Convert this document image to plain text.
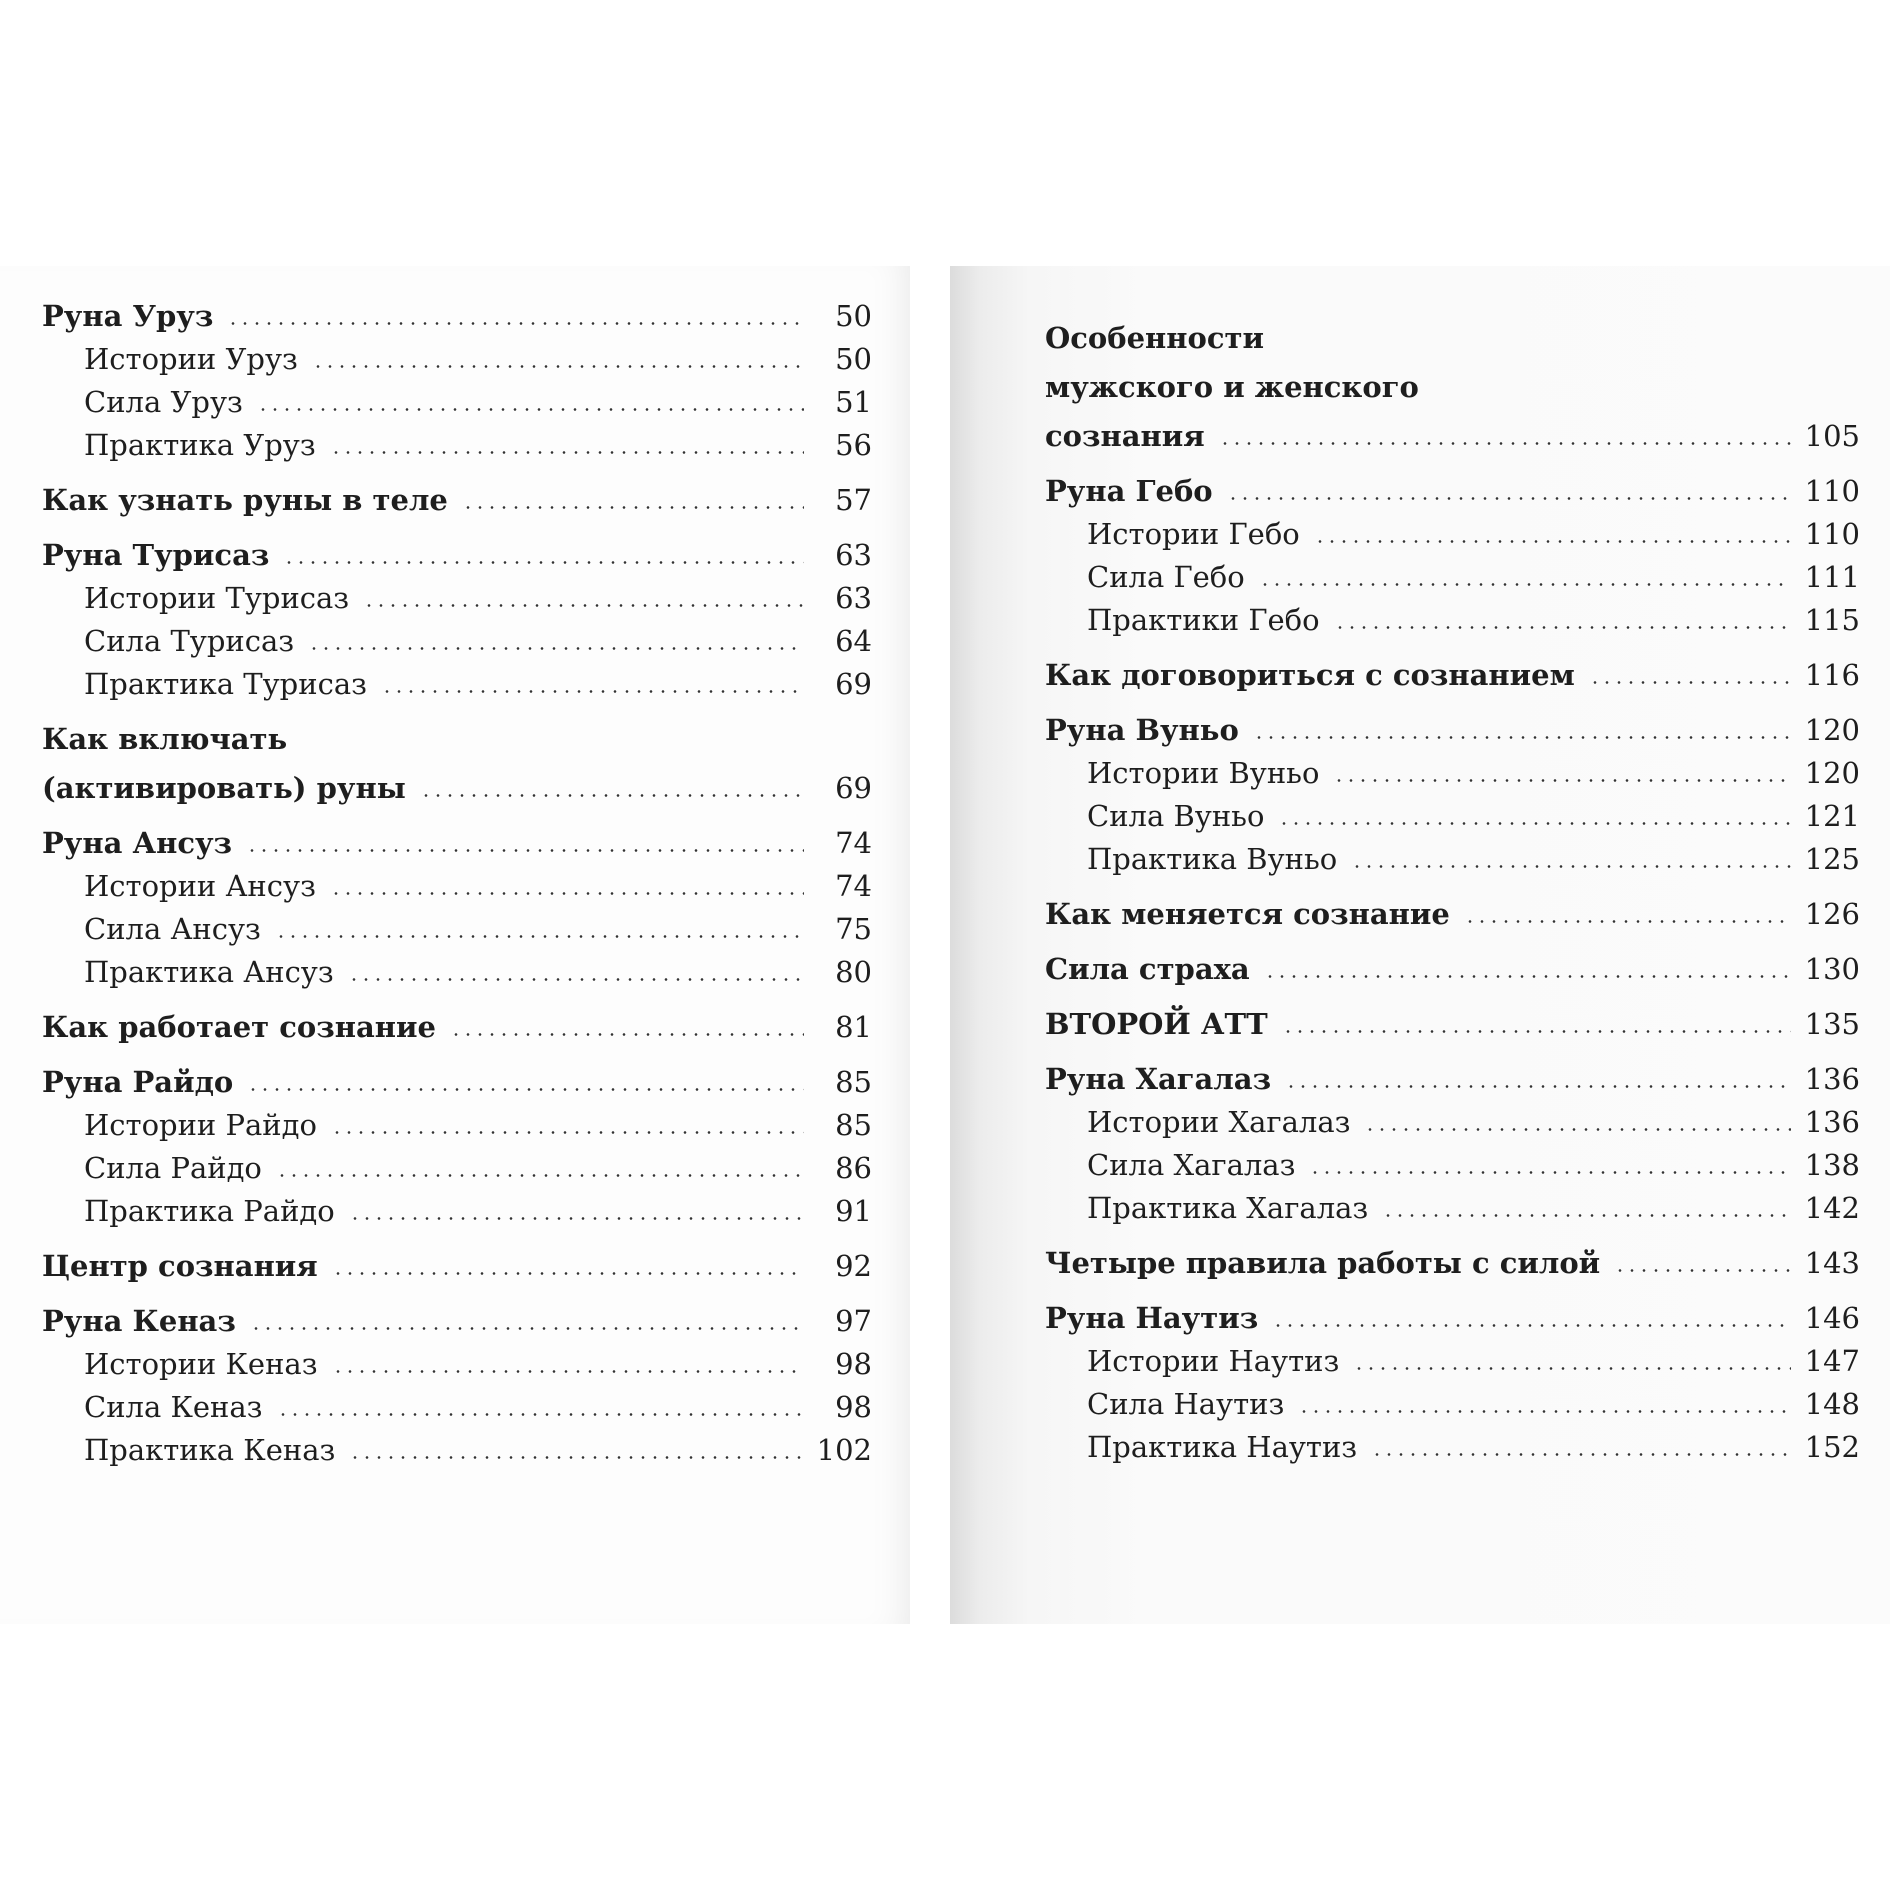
Руна Уруз	50
Истории Уруз	50
Сила Уруз	51
Практика Уруз	56
Как узнать руны в теле	57
Руна Турисаз	63
Истории Турисаз	63
Сила Турисаз	64
Практика Турисаз	69
Как включать
(активировать) руны	69
Руна Ансуз	74
Истории Ансуз	74
Сила Ансуз	75
Практика Ансуз	80
Как работает сознание	81
Руна Райдо	85
Истории Райдо	85
Сила Райдо	86
Практика Райдо	91
Центр сознания	92
Руна Кеназ	97
Истории Кеназ	98
Сила Кеназ	98
Практика Кеназ	102
Особенности
мужского и женского
сознания	105
Руна Гебо	110
Истории Гебо	110
Сила Гебо	111
Практики Гебо	115
Как договориться с сознанием	116
Руна Вуньо	120
Истории Вуньо	120
Сила Вуньо	121
Практика Вуньо	125
Как меняется сознание	126
Сила страха	130
ВТОРОЙ АТТ	135
Руна Хагалаз	136
Истории Хагалаз	136
Сила Хагалаз	138
Практика Хагалаз	142
Четыре правила работы с силой	143
Руна Наутиз	146
Истории Наутиз	147
Сила Наутиз	148
Практика Наутиз	152
